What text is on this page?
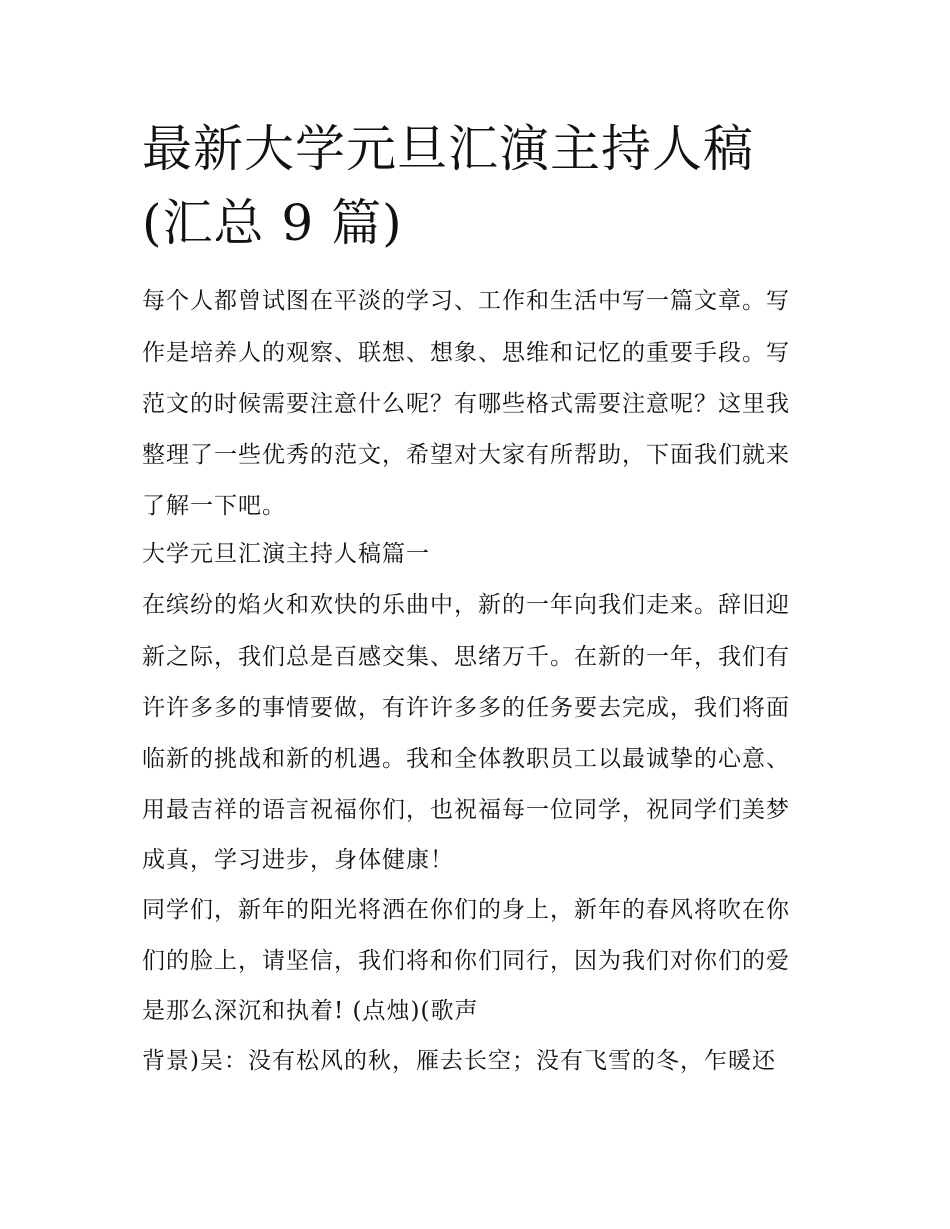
最新大学元旦汇演主持人稿(汇总 9 篇)

每个人都曾试图在平淡的学习、工作和生活中写一篇文章。写

作是培养人的观察、联想、想象、思维和记忆的重要手段。写

范文的时候需要注意什么呢？有哪些格式需要注意呢？这里我

整理了一些优秀的范文，希望对大家有所帮助，下面我们就来

了解一下吧。

大学元旦汇演主持人稿篇一

在缤纷的焰火和欢快的乐曲中，新的一年向我们走来。辞旧迎

新之际，我们总是百感交集、思绪万千。在新的一年，我们有

许许多多的事情要做，有许许多多的任务要去完成，我们将面

临新的挑战和新的机遇。我和全体教职员工以最诚挚的心意、

用最吉祥的语言祝福你们，也祝福每一位同学，祝同学们美梦

成真，学习进步，身体健康！

同学们，新年的阳光将洒在你们的身上，新年的春风将吹在你

们的脸上，请坚信，我们将和你们同行，因为我们对你们的爱

是那么深沉和执着! (点烛)(歌声

背景)吴：没有松风的秋，雁去长空；没有飞雪的冬，乍暖还
